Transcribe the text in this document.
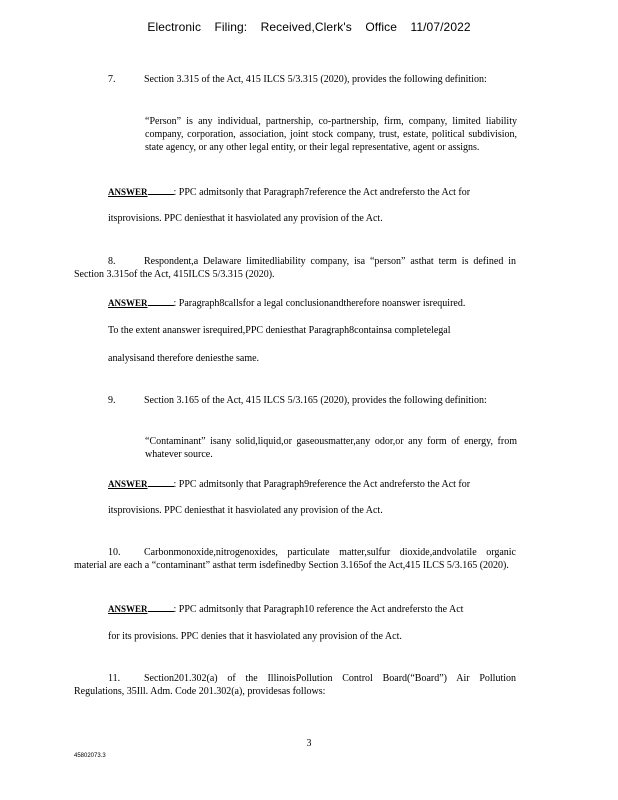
Electronic Filing: Received,Clerk's Office 11/07/2022
7.	Section 3.315 of the Act, 415 ILCS 5/3.315 (2020), provides the following definition:
“Person” is any individual, partnership, co-partnership, firm, company, limited liability company, corporation, association, joint stock company, trust, estate, political subdivision, state agency, or any other legal entity, or their legal representative, agent or assigns.
ANSWER	: PPC admitsonly that Paragraph7reference the Act andrefersto the Act for
itsprovisions. PPC deniesthat it hasviolated any provision of the Act.
8.	Respondent,a Delaware limitedliability company, isa “person” asthat term is defined in Section 3.315of the Act, 415ILCS 5/3.315 (2020).
ANSWER	: Paragraph8callsfor a legal conclusionandtherefore noanswer isrequired.
To the extent ananswer isrequired,PPC deniesthat Paragraph8containsa completelegal
analysisand therefore deniesthe same.
9.	Section 3.165 of the Act, 415 ILCS 5/3.165 (2020), provides the following definition:
“Contaminant” isany solid,liquid,or gaseousmatter,any odor,or any form of energy, from whatever source.
ANSWER	: PPC admitsonly that Paragraph9reference the Act andrefersto the Act for
itsprovisions. PPC deniesthat it hasviolated any provision of the Act.
10. Carbonmonoxide,nitrogenoxides, particulate matter,sulfur dioxide,andvolatile organic material are each a “contaminant” asthat term isdefinedby Section 3.165of the Act,415 ILCS 5/3.165 (2020).
ANSWER	: PPC admitsonly that Paragraph10 reference the Act andrefersto the Act
for its provisions. PPC denies that it hasviolated any provision of the Act.
11. Section201.302(a) of the IllinoisPollution Control Board(“Board”) Air Pollution Regulations, 35Ill. Adm. Code 201.302(a), providesas follows:
3
45802073.3
